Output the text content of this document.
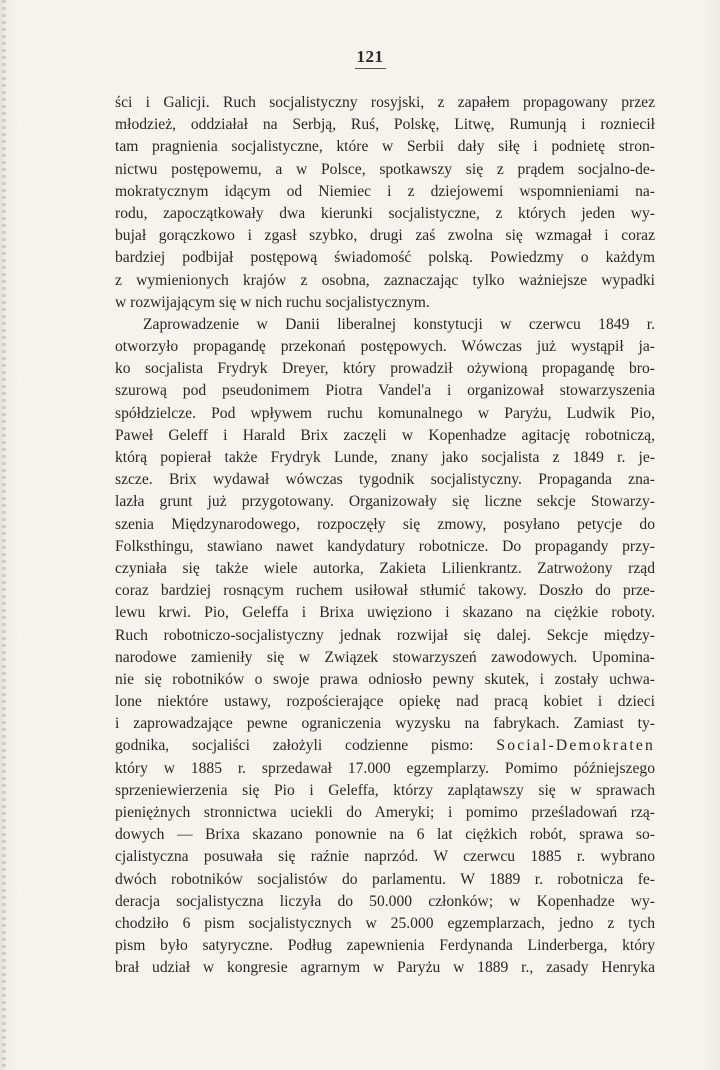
121
ści i Galicji. Ruch socjalistyczny rosyjski, z zapałem propagowany przez
młodzież, oddziałał na Serbją, Ruś, Polskę, Litwę, Rumunją i rozniecił
tam pragnienia socjalistyczne, które w Serbii dały siłę i podnietę stron-
nictwu postępowemu, a w Polsce, spotkawszy się z prądem socjalno-de-
mokratycznym idącym od Niemiec i z dziejowemi wspomnieniami na-
rodu, zapoczątkowały dwa kierunki socjalistyczne, z których jeden wy-
bujał gorączkowo i zgasł szybko, drugi zaś zwolna się wzmagał i coraz
bardziej podbijał postępową świadomość polską. Powiedzmy o każdym
z wymienionych krajów z osobna, zaznaczając tylko ważniejsze wypadki
w rozwijającym się w nich ruchu socjalistycznym.
Zaprowadzenie w Danii liberalnej konstytucji w czerwcu 1849 r.
otworzyło propagandę przekonań postępowych. Wówczas już wystąpił ja-
ko socjalista Frydryk Dreyer, który prowadził ożywioną propagandę bro-
szurową pod pseudonimem Piotra Vandel'a i organizował stowarzyszenia
spółdzielcze. Pod wpływem ruchu komunalnego w Paryżu, Ludwik Pio,
Paweł Geleff i Harald Brix zaczęli w Kopenhadze agitację robotniczą,
którą popierał także Frydryk Lunde, znany jako socjalista z 1849 r. je-
szcze. Brix wydawał wówczas tygodnik socjalistyczny. Propaganda zna-
lazła grunt już przygotowany. Organizowały się liczne sekcje Stowarzy-
szenia Międzynarodowego, rozpoczęły się zmowy, posyłano petycje do
Folksthingu, stawiano nawet kandydatury robotnicze. Do propagandy przy-
czyniała się także wiele autorka, Zakieta Lilienkrantz. Zatrwożony rząd
coraz bardziej rosnącym ruchem usiłował stłumić takowy. Doszło do prze-
lewu krwi. Pio, Geleffa i Brixa uwięziono i skazano na ciężkie roboty.
Ruch robotniczo-socjalistyczny jednak rozwijał się dalej. Sekcje między-
narodowe zamieniły się w Związek stowarzyszeń zawodowych. Upomina-
nie się robotników o swoje prawa odniosło pewny skutek, i zostały uchwa-
lone niektóre ustawy, rozpościerające opiekę nad pracą kobiet i dzieci
i zaprowadzające pewne ograniczenia wyzysku na fabrykach. Zamiast ty-
godnika, socjaliści założyli codzienne pismo: Social-Demokraten
który w 1885 r. sprzedawał 17.000 egzemplarzy. Pomimo późniejszego
sprzeniewierzenia się Pio i Geleffa, którzy zaplątawszy się w sprawach
pieniężnych stronnictwa uciekli do Ameryki; i pomimo prześladowań rzą-
dowych — Brixa skazano ponownie na 6 lat ciężkich robót, sprawa so-
cjalistyczna posuwała się raźnie naprzód. W czerwcu 1885 r. wybrano
dwóch robotników socjalistów do parlamentu. W 1889 r. robotnicza fe-
deracja socjalistyczna liczyła do 50.000 członków; w Kopenhadze wy-
chodziło 6 pism socjalistycznych w 25.000 egzemplarzach, jedno z tych
pism było satyryczne. Podług zapewnienia Ferdynanda Linderberga, który
brał udział w kongresie agrarnym w Paryżu w 1889 r., zasady Henryka
